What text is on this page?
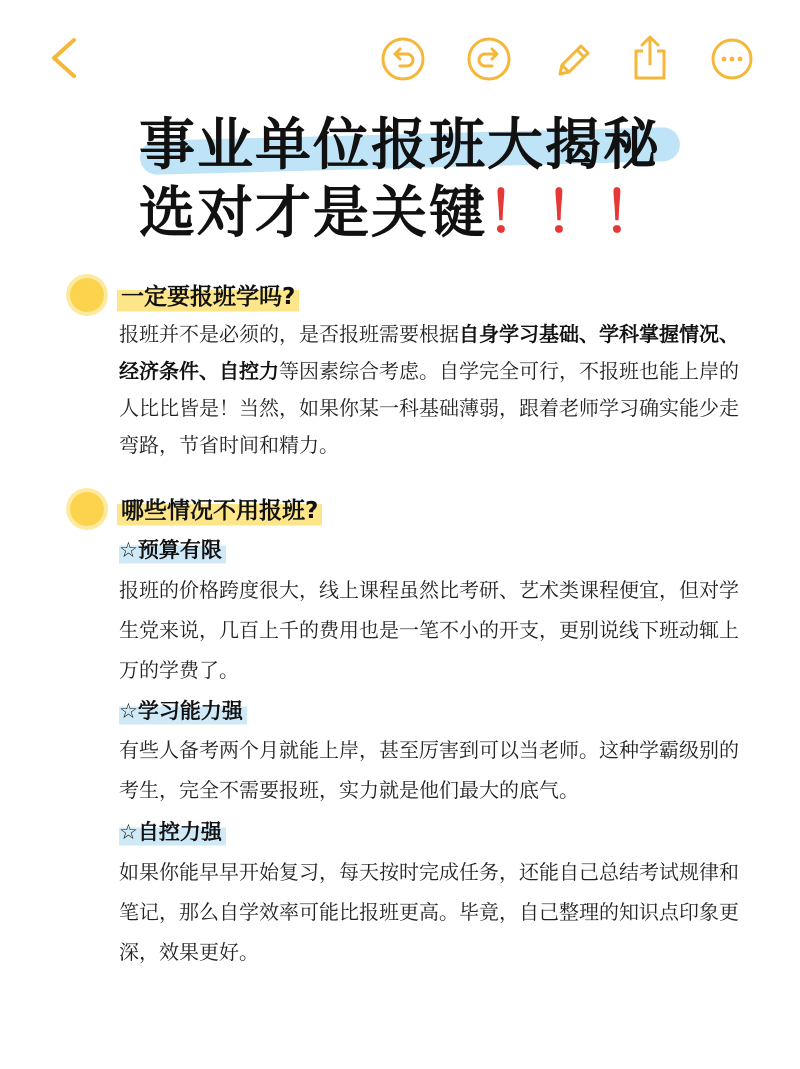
事业单位报班大揭秘
选对才是关键！！！
一定要报班学吗?

报班并不是必须的，是否报班需要根据自身学习基础、学科掌握情况、经济条件、自控力等因素综合考虑。自学完全可行，不报班也能上岸的人比比皆是！当然，如果你某一科基础薄弱，跟着老师学习确实能少走弯路，节省时间和精力。

哪些情况不用报班?
☆预算有限

报班的价格跨度很大，线上课程虽然比考研、艺术类课程便宜，但对学生党来说，几百上千的费用也是一笔不小的开支，更别说线下班动辄上万的学费了。

☆学习能力强

有些人备考两个月就能上岸，甚至厉害到可以当老师。这种学霸级别的考生，完全不需要报班，实力就是他们最大的底气。

☆自控力强

如果你能早早开始复习，每天按时完成任务，还能自己总结考试规律和笔记，那么自学效率可能比报班更高。毕竟，自己整理的知识点印象更深，效果更好。
